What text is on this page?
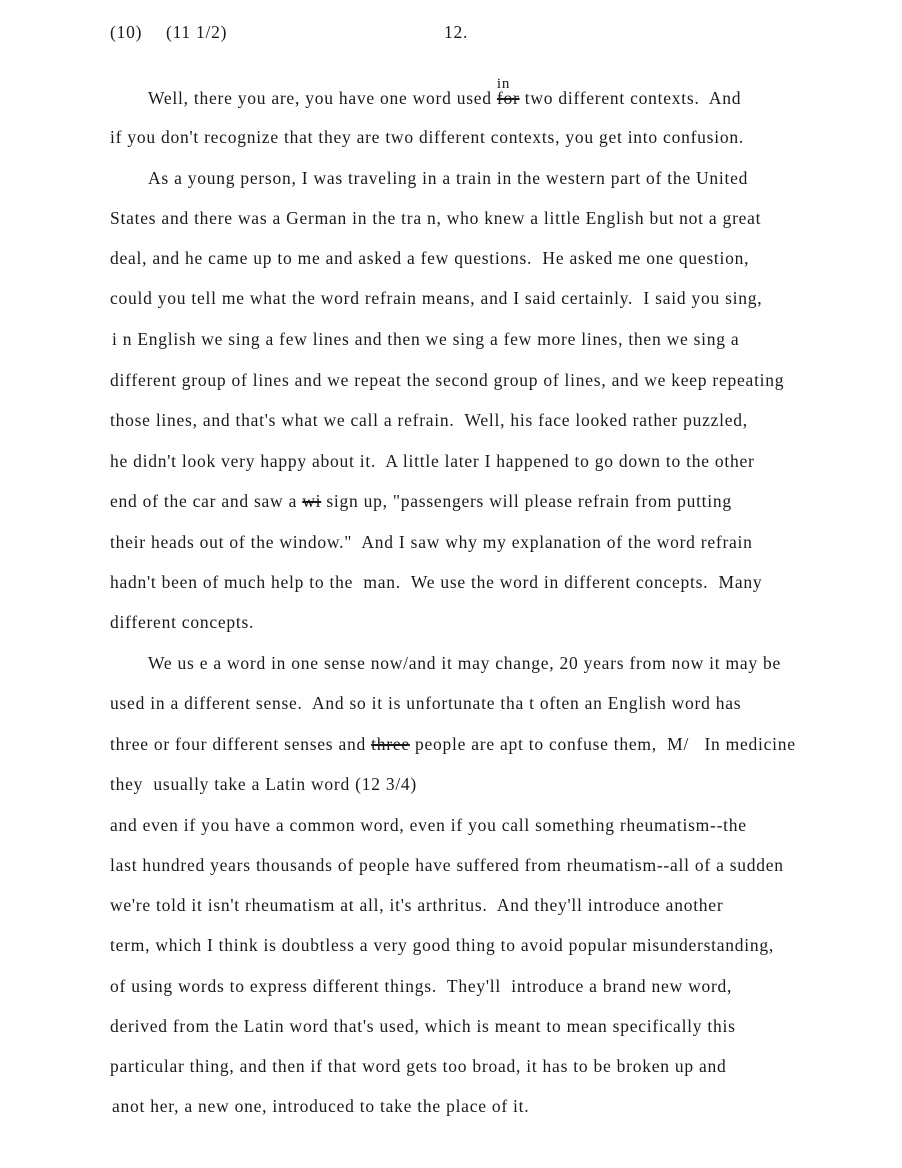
(10) (11 1/2)	12.
Well, there you are, you have one word used
in
for two different contexts.  And
if you don't recognize that they are two different contexts, you get into confusion.
As a young person, I was traveling in a train in the western part of the United
States and there was a German in the tra n, who knew a little English but not a great
deal, and he came up to me and asked a few questions.  He asked me one question,
could you tell me what the word refrain means, and I said certainly.  I said you sing,
i n English we sing a few lines and then we sing a few more lines, then we sing a
different group of lines and we repeat the second group of lines, and we keep repeating
those lines, and that's what we call a refrain.  Well, his face looked rather puzzled,
he didn't look very happy about it.  A little later I happened to go down to the other
end of the car and saw a wi sign up, "passengers will please refrain from putting
their heads out of the window."  And I saw why my explanation of the word refrain
hadn't been of much help to the  man.  We use the word in different concepts.  Many
different concepts.
We us e a word in one sense now/and it may change, 20 years from now it may be
used in a different sense.  And so it is unfortunate tha t often an English word has
three or four different senses and three people are apt to confuse them,  M/   In medicine
they  usually take a Latin word (12 3/4)
and even if you have a common word, even if you call something rheumatism--the
last hundred years thousands of people have suffered from rheumatism--all of a sudden
we're told it isn't rheumatism at all, it's arthritus.  And they'll introduce another
term, which I think is doubtless a very good thing to avoid popular misunderstanding,
of using words to express different things.  They'll  introduce a brand new word,
derived from the Latin word that's used, which is meant to mean specifically this
particular thing, and then if that word gets too broad, it has to be broken up and
anot her, a new one, introduced to take the place of it.
